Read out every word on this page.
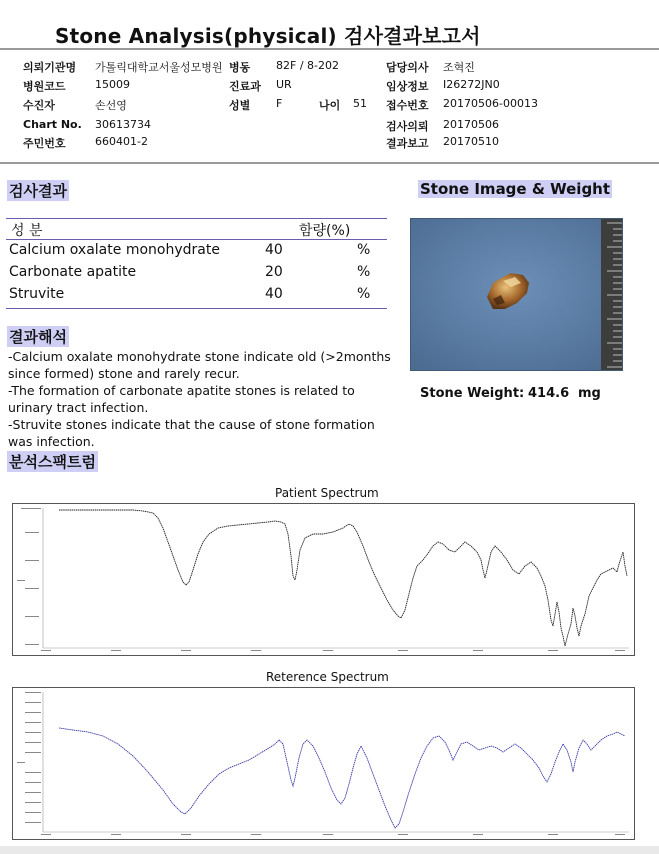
Stone Analysis(physical) 검사결과보고서
의뢰기관명 가톨릭대학교서울성모병원 병동 82F / 8-202	담당의사 조혁진
병원코드	15009	진료과 UR	임상정보 I26272JN0
수진자	손선영	성별 F	나이 51 접수번호 20170506-00013
Chart No. 30613734	검사의뢰 20170506
주민번호	660401-2	결과보고 20170510
검사결과
성 분	함량(%)
Calcium oxalate monohydrate	40	%
Carbonate apatite	20	%
Struvite	40	%
Stone Image & Weight
Stone Weight: 414.6 mg
결과해석
-Calcium oxalate monohydrate stone indicate old (>2months since formed) stone and rarely recur.
-The formation of carbonate apatite stones is related to urinary tract infection.
-Struvite stones indicate that the cause of stone formation was infection.
분석스팩트럼
Patient Spectrum
Reterence Spectrum
